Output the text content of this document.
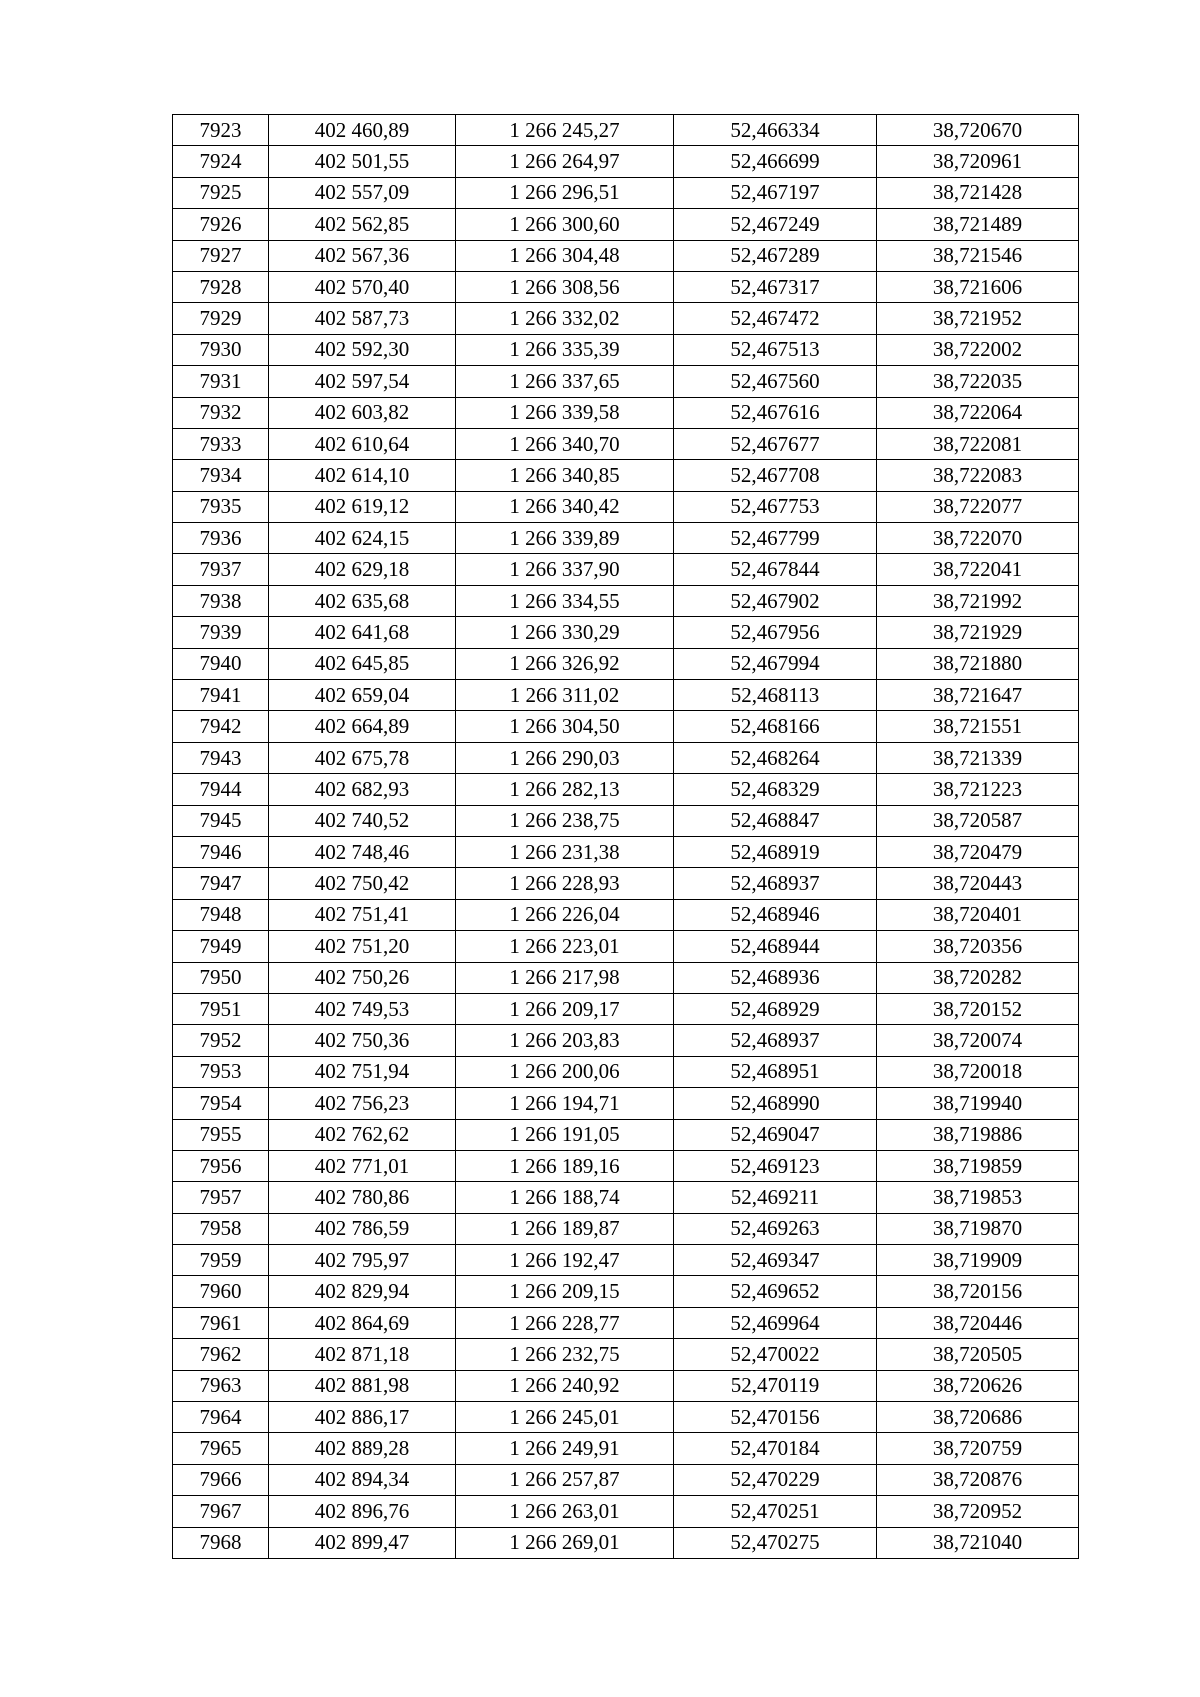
7923	402 460,89	1 266 245,27	52,466334	38,720670
7924	402 501,55	1 266 264,97	52,466699	38,720961
7925	402 557,09	1 266 296,51	52,467197	38,721428
7926	402 562,85	1 266 300,60	52,467249	38,721489
7927	402 567,36	1 266 304,48	52,467289	38,721546
7928	402 570,40	1 266 308,56	52,467317	38,721606
7929	402 587,73	1 266 332,02	52,467472	38,721952
7930	402 592,30	1 266 335,39	52,467513	38,722002
7931	402 597,54	1 266 337,65	52,467560	38,722035
7932	402 603,82	1 266 339,58	52,467616	38,722064
7933	402 610,64	1 266 340,70	52,467677	38,722081
7934	402 614,10	1 266 340,85	52,467708	38,722083
7935	402 619,12	1 266 340,42	52,467753	38,722077
7936	402 624,15	1 266 339,89	52,467799	38,722070
7937	402 629,18	1 266 337,90	52,467844	38,722041
7938	402 635,68	1 266 334,55	52,467902	38,721992
7939	402 641,68	1 266 330,29	52,467956	38,721929
7940	402 645,85	1 266 326,92	52,467994	38,721880
7941	402 659,04	1 266 311,02	52,468113	38,721647
7942	402 664,89	1 266 304,50	52,468166	38,721551
7943	402 675,78	1 266 290,03	52,468264	38,721339
7944	402 682,93	1 266 282,13	52,468329	38,721223
7945	402 740,52	1 266 238,75	52,468847	38,720587
7946	402 748,46	1 266 231,38	52,468919	38,720479
7947	402 750,42	1 266 228,93	52,468937	38,720443
7948	402 751,41	1 266 226,04	52,468946	38,720401
7949	402 751,20	1 266 223,01	52,468944	38,720356
7950	402 750,26	1 266 217,98	52,468936	38,720282
7951	402 749,53	1 266 209,17	52,468929	38,720152
7952	402 750,36	1 266 203,83	52,468937	38,720074
7953	402 751,94	1 266 200,06	52,468951	38,720018
7954	402 756,23	1 266 194,71	52,468990	38,719940
7955	402 762,62	1 266 191,05	52,469047	38,719886
7956	402 771,01	1 266 189,16	52,469123	38,719859
7957	402 780,86	1 266 188,74	52,469211	38,719853
7958	402 786,59	1 266 189,87	52,469263	38,719870
7959	402 795,97	1 266 192,47	52,469347	38,719909
7960	402 829,94	1 266 209,15	52,469652	38,720156
7961	402 864,69	1 266 228,77	52,469964	38,720446
7962	402 871,18	1 266 232,75	52,470022	38,720505
7963	402 881,98	1 266 240,92	52,470119	38,720626
7964	402 886,17	1 266 245,01	52,470156	38,720686
7965	402 889,28	1 266 249,91	52,470184	38,720759
7966	402 894,34	1 266 257,87	52,470229	38,720876
7967	402 896,76	1 266 263,01	52,470251	38,720952
7968	402 899,47	1 266 269,01	52,470275	38,721040
